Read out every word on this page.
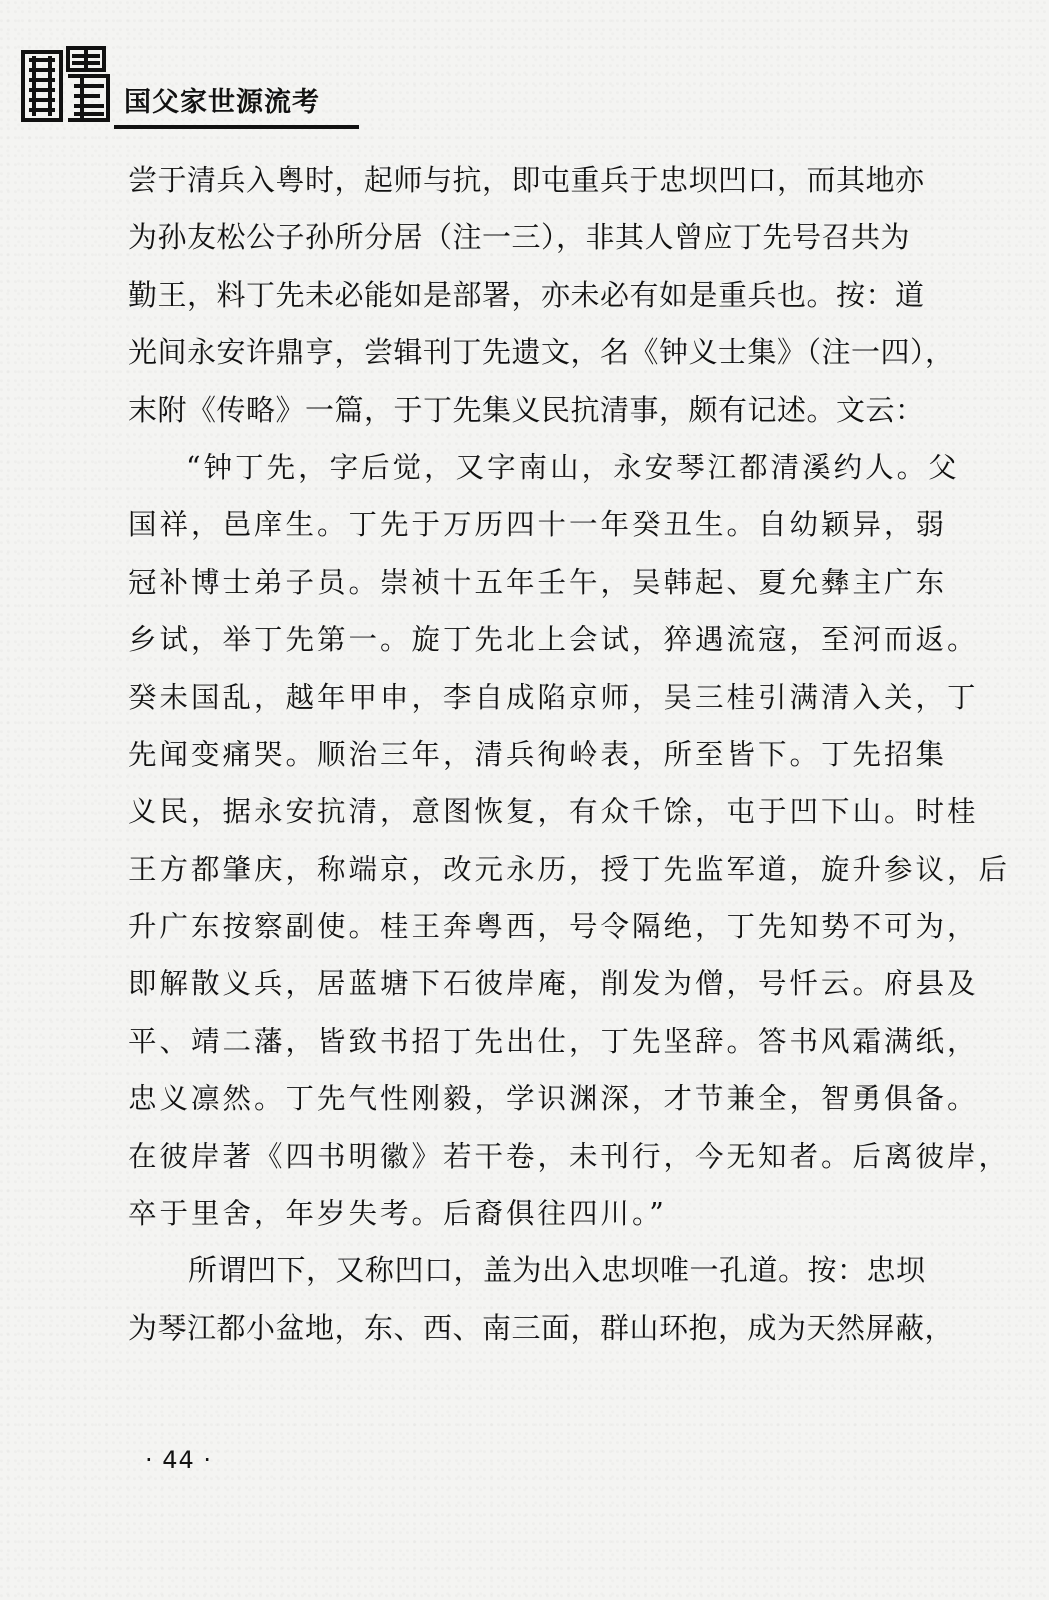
国父家世源流考
尝于清兵入粤时，起师与抗，即屯重兵于忠坝凹口，而其地亦
为孙友松公子孙所分居（注一三），非其人曾应丁先号召共为
勤王，料丁先未必能如是部署，亦未必有如是重兵也。按：道
光间永安许鼎亨，尝辑刊丁先遗文，名《钟义士集》（注一四），
末附《传略》一篇，于丁先集义民抗清事，颇有记述。文云：
“钟丁先，字后觉，又字南山，永安琴江都清溪约人。父
国祥，邑庠生。丁先于万历四十一年癸丑生。自幼颖异，弱
冠补博士弟子员。崇祯十五年壬午，吴韩起、夏允彝主广东
乡试，举丁先第一。旋丁先北上会试，猝遇流寇，至河而返。
癸未国乱，越年甲申，李自成陷京师，吴三桂引满清入关，丁
先闻变痛哭。顺治三年，清兵徇岭表，所至皆下。丁先招集
义民，据永安抗清，意图恢复，有众千馀，屯于凹下山。时桂
王方都肇庆，称端京，改元永历，授丁先监军道，旋升参议，后
升广东按察副使。桂王奔粤西，号令隔绝，丁先知势不可为，
即解散义兵，居蓝塘下石彼岸庵，削发为僧，号忏云。府县及
平、靖二藩，皆致书招丁先出仕，丁先坚辞。答书风霜满纸，
忠义凛然。丁先气性刚毅，学识渊深，才节兼全，智勇俱备。
在彼岸著《四书明徽》若干卷，未刊行，今无知者。后离彼岸，
卒于里舍，年岁失考。后裔俱往四川。”
所谓凹下，又称凹口，盖为出入忠坝唯一孔道。按：忠坝
为琴江都小盆地，东、西、南三面，群山环抱，成为天然屏蔽，
· 44 ·
